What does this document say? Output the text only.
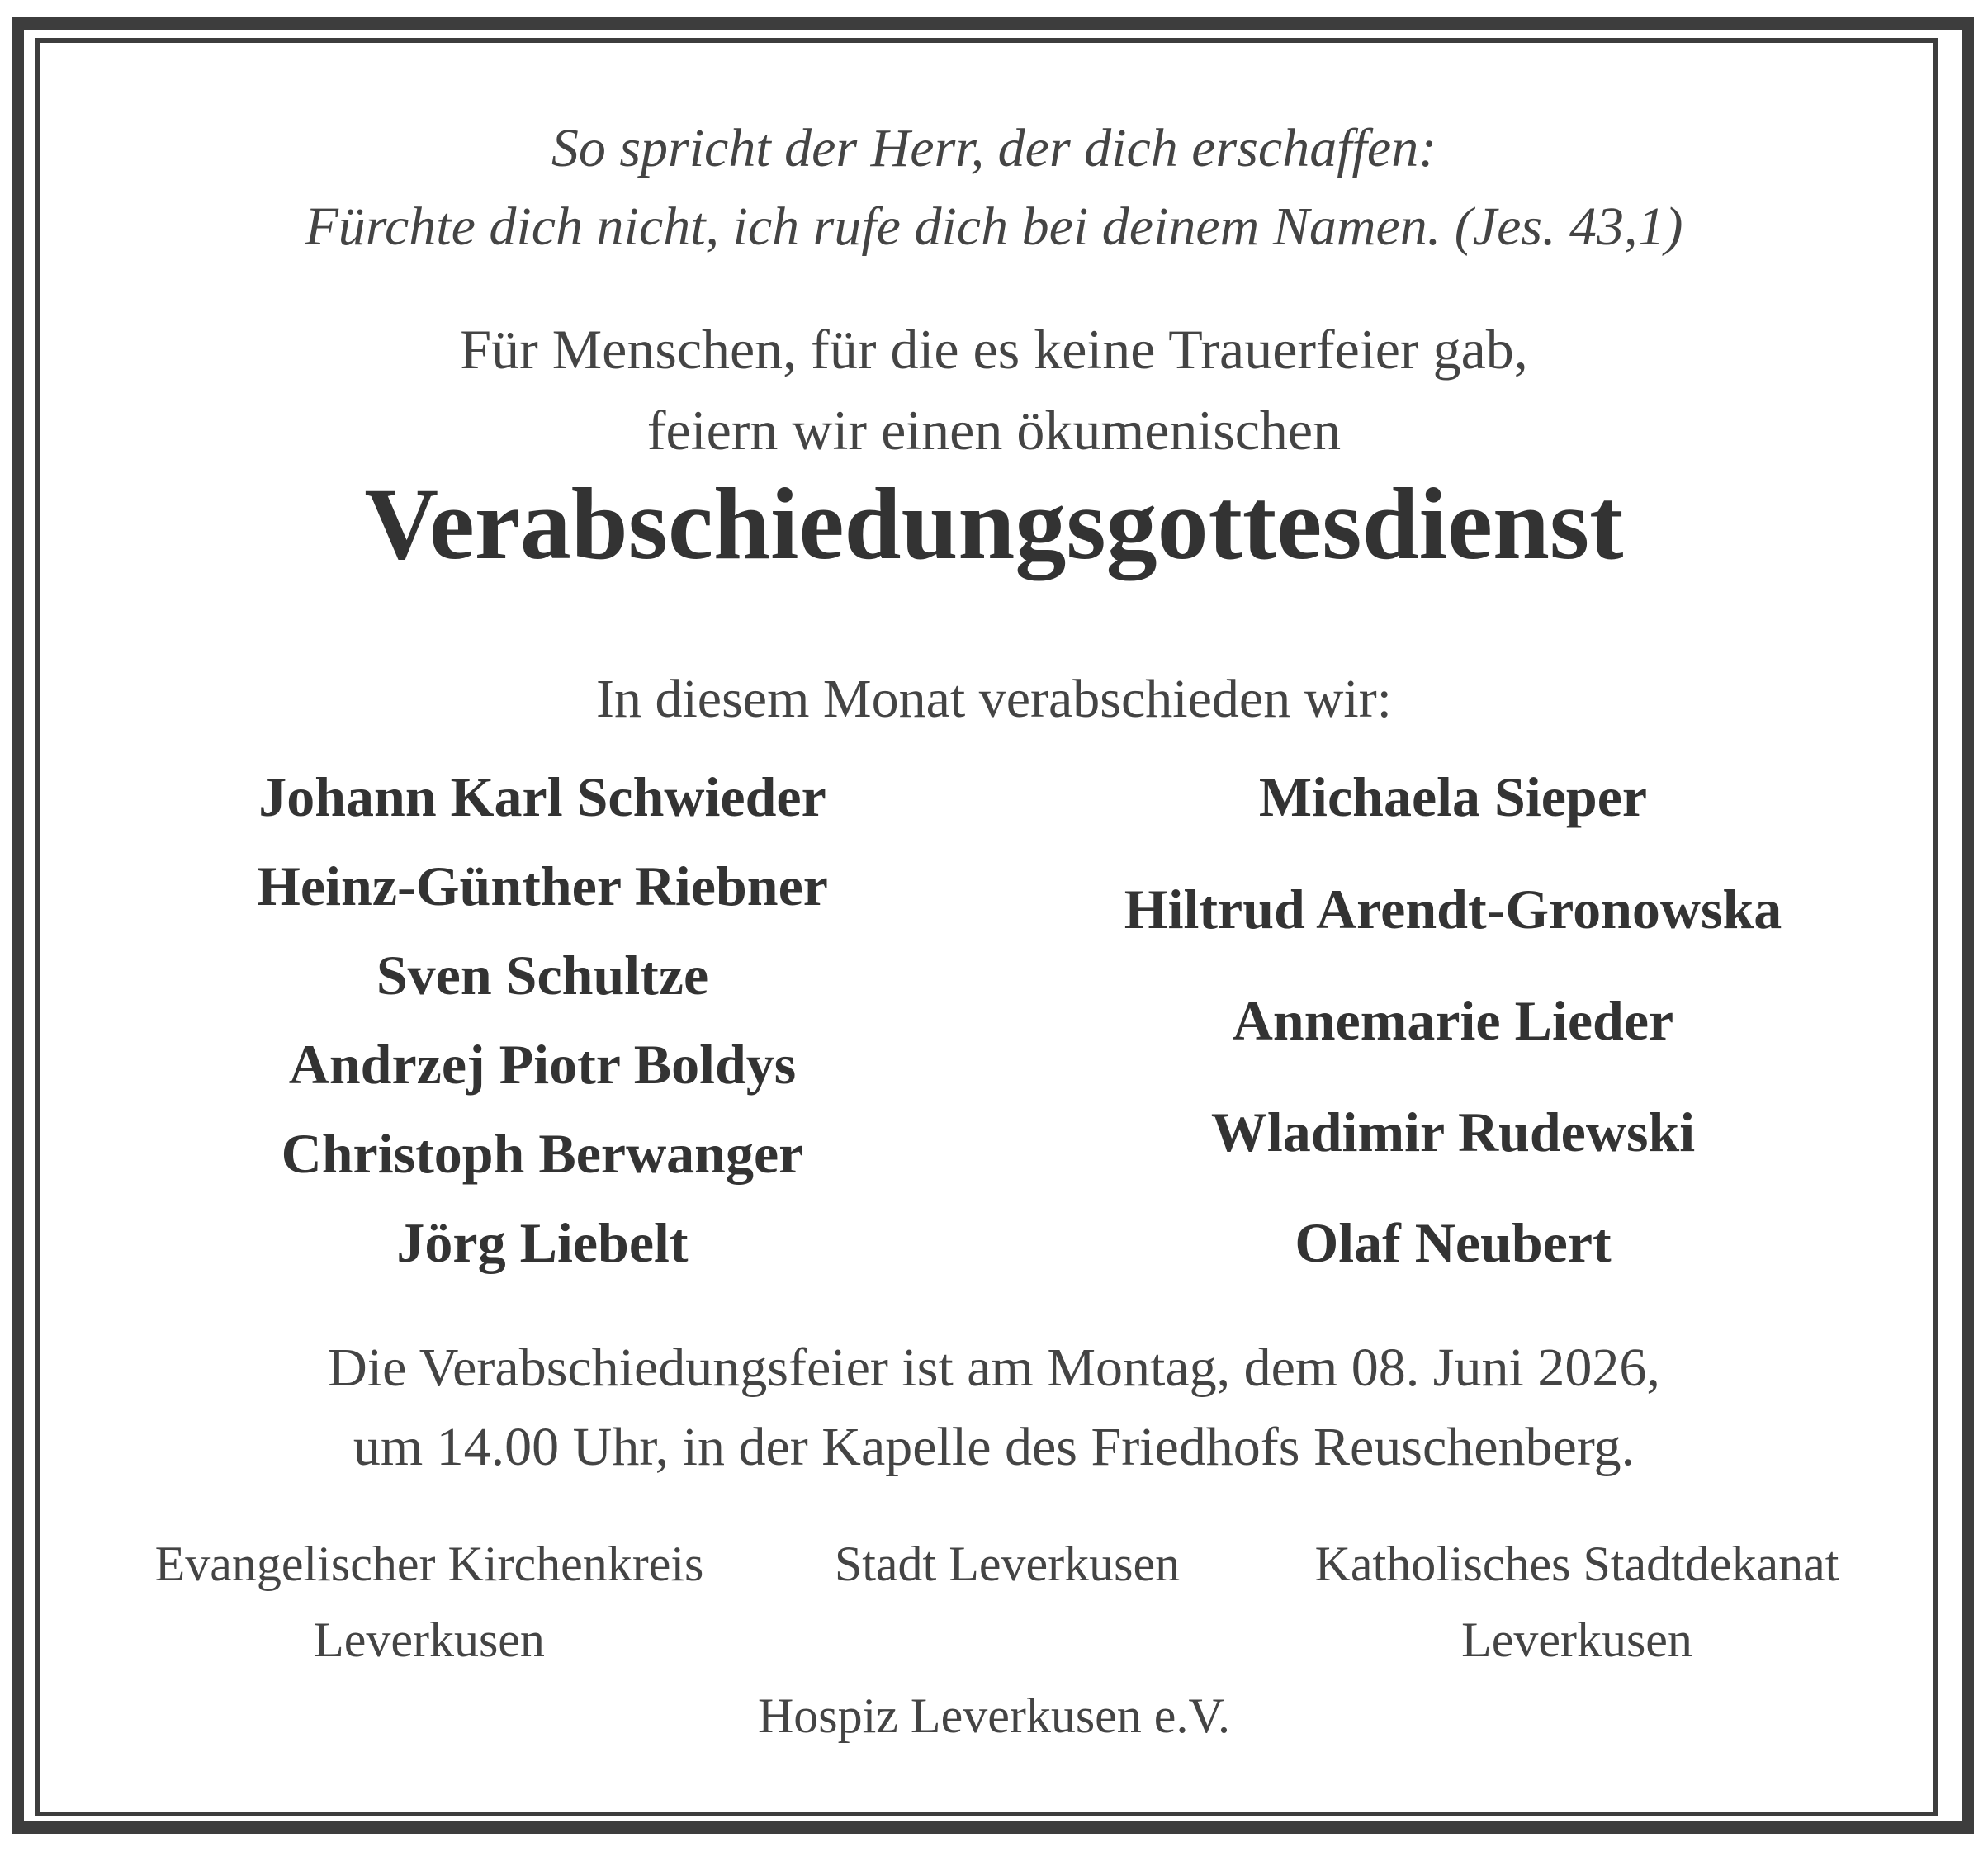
So spricht der Herr, der dich erschaffen:
Fürchte dich nicht, ich rufe dich bei deinem Namen. (Jes. 43,1)
Für Menschen, für die es keine Trauerfeier gab,
feiern wir einen ökumenischen
Verabschiedungsgottesdienst
In diesem Monat verabschieden wir:
Johann Karl Schwieder
Heinz-Günther Riebner
Sven Schultze
Andrzej Piotr Boldys
Christoph Berwanger
Jörg Liebelt
Michaela Sieper
Hiltrud Arendt-Gronowska
Annemarie Lieder
Wladimir Rudewski
Olaf Neubert
Die Verabschiedungsfeier ist am Montag, dem 08. Juni 2026,
um 14.00 Uhr, in der Kapelle des Friedhofs Reuschenberg.
Evangelischer Kirchenkreis
Leverkusen
Stadt Leverkusen	Katholisches Stadtdekanat
Leverkusen
Hospiz Leverkusen e.V.
